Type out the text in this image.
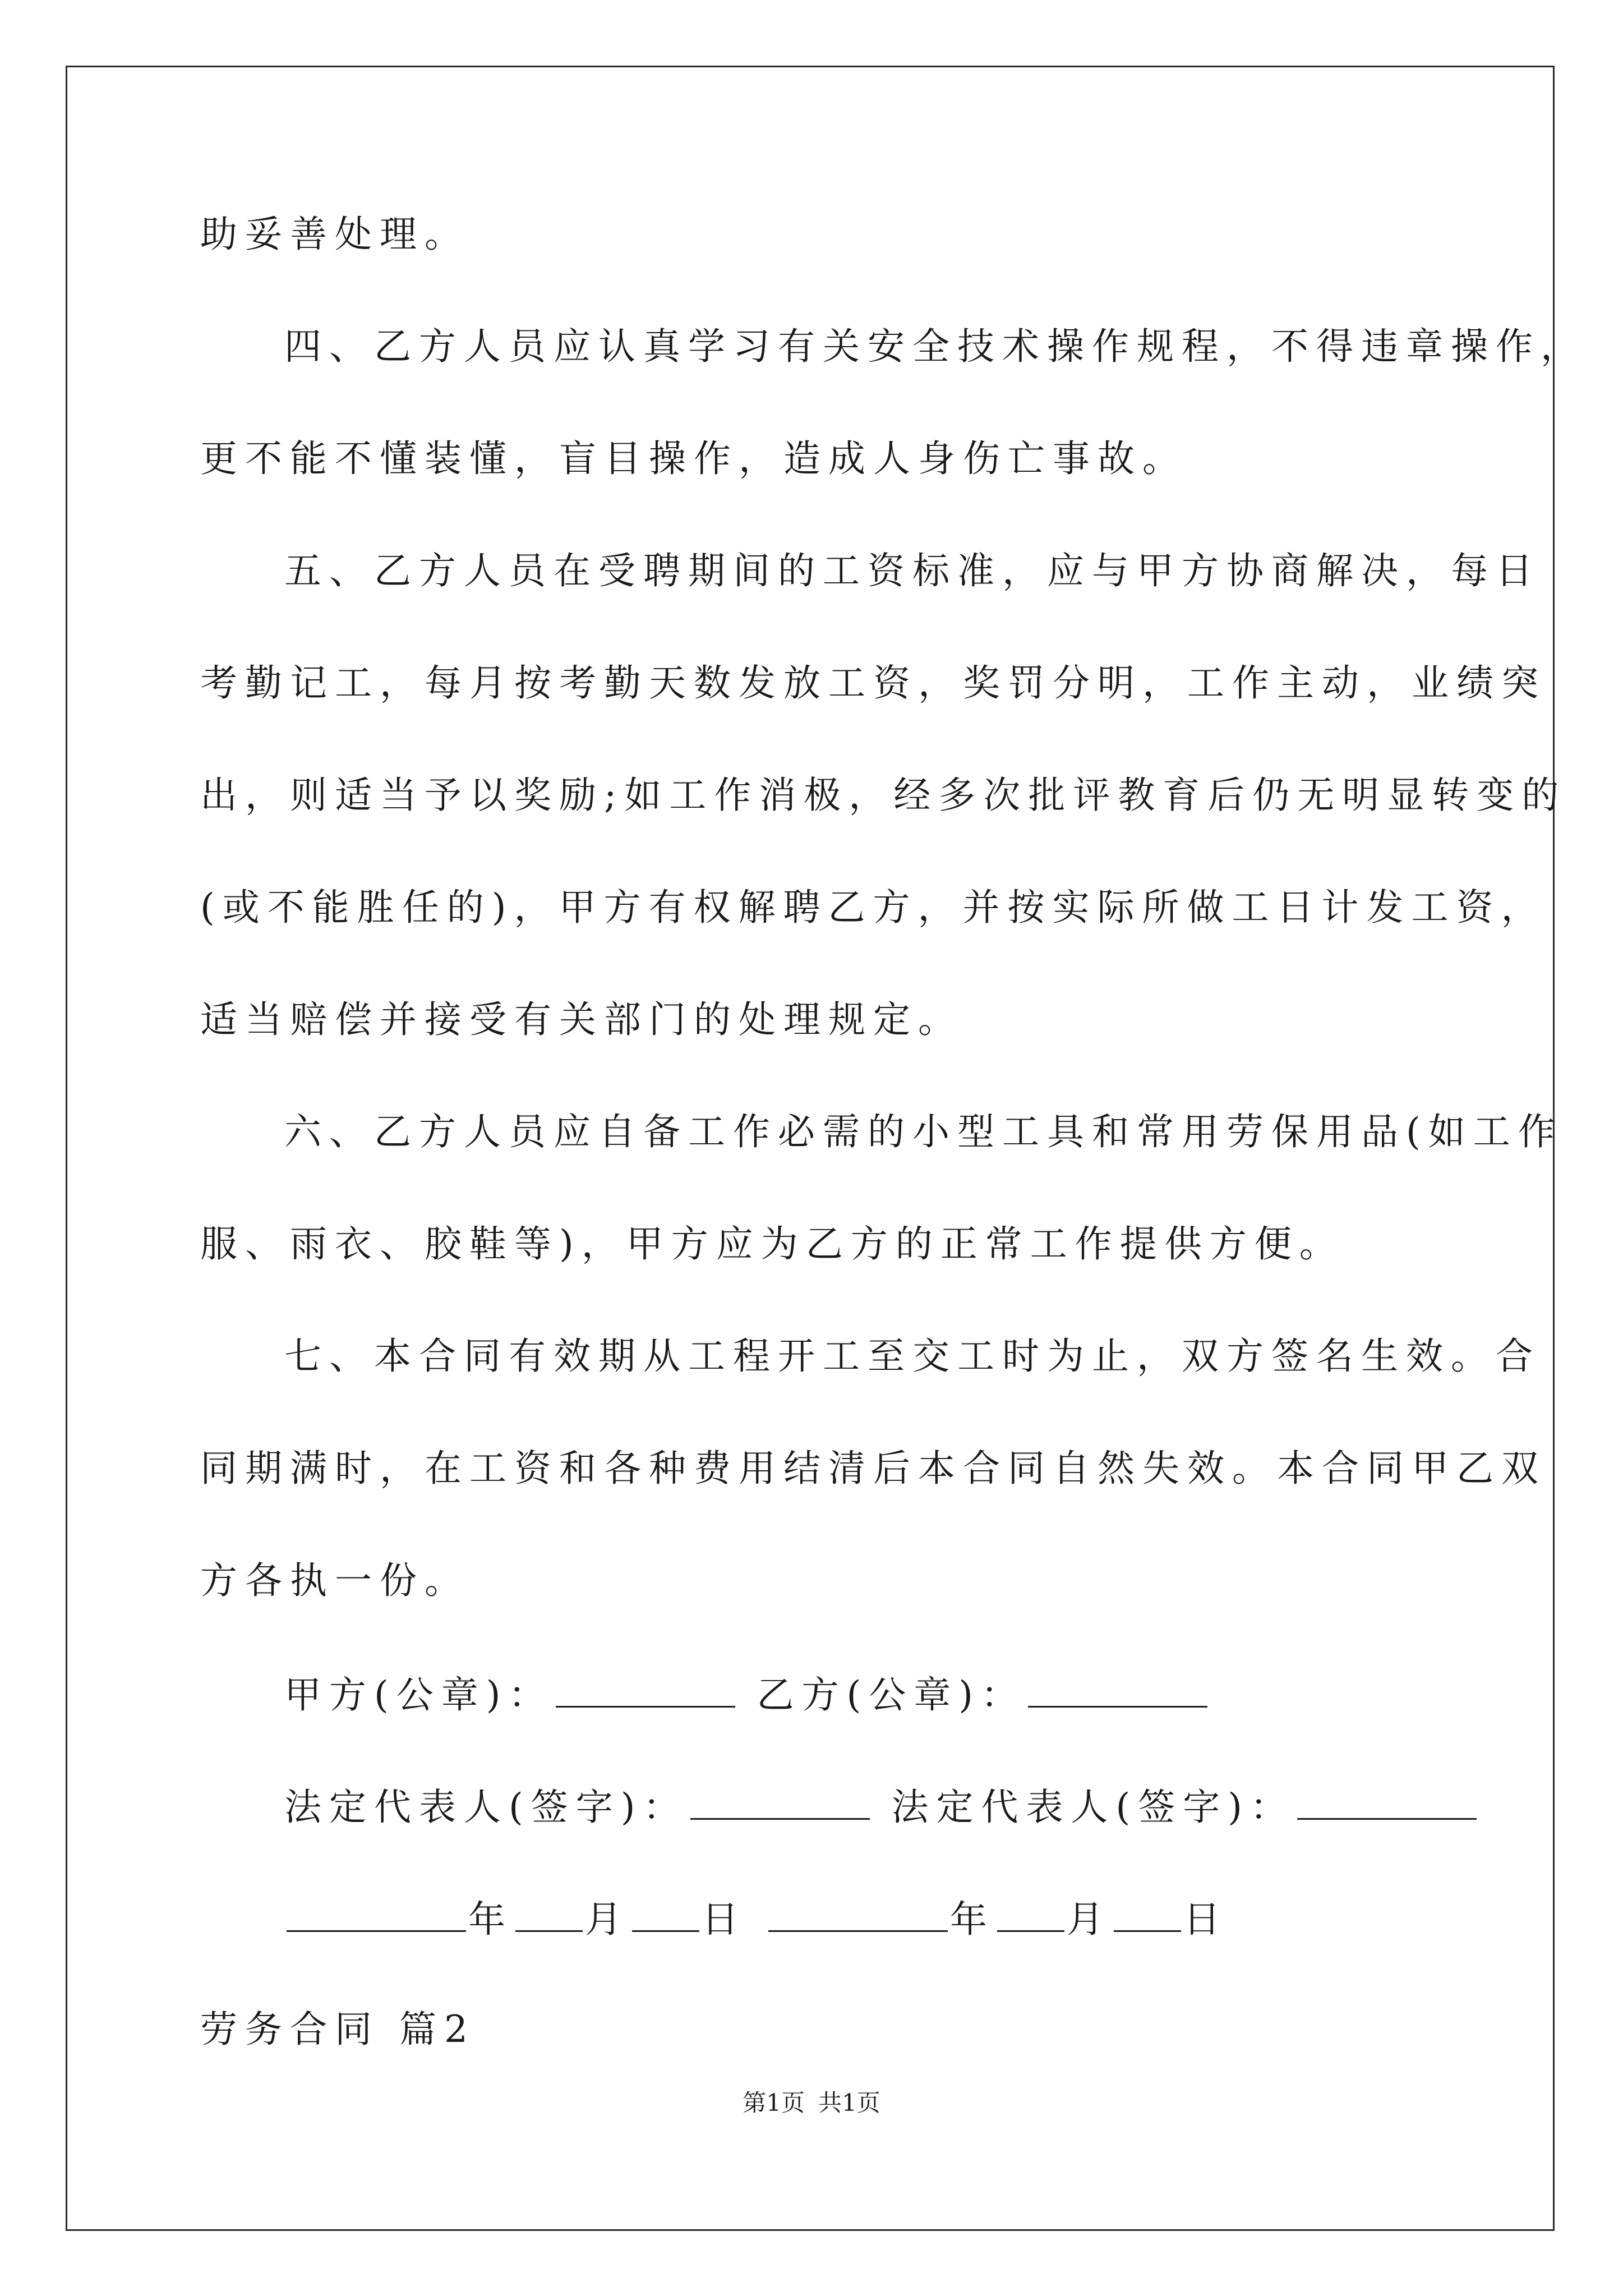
助妥善处理。

四、乙方人员应认真学习有关安全技术操作规程，不得违章操作，

更不能不懂装懂，盲目操作，造成人身伤亡事故。

五、乙方人员在受聘期间的工资标准，应与甲方协商解决，每日

考勤记工，每月按考勤天数发放工资，奖罚分明，工作主动，业绩突

出，则适当予以奖励;如工作消极，经多次批评教育后仍无明显转变的

(或不能胜任的)，甲方有权解聘乙方，并按实际所做工日计发工资，

适当赔偿并接受有关部门的处理规定。

六、乙方人员应自备工作必需的小型工具和常用劳保用品(如工作

服、雨衣、胶鞋等)，甲方应为乙方的正常工作提供方便。

七、本合同有效期从工程开工至交工时为止，双方签名生效。合

同期满时，在工资和各种费用结清后本合同自然失效。本合同甲乙双

方各执一份。

甲方(公章)：	乙方(公章)：

法定代表人(签字)：	法定代表人(签字)：

年 月 日	年 月 日

劳务合同 篇2

第1页 共1页
